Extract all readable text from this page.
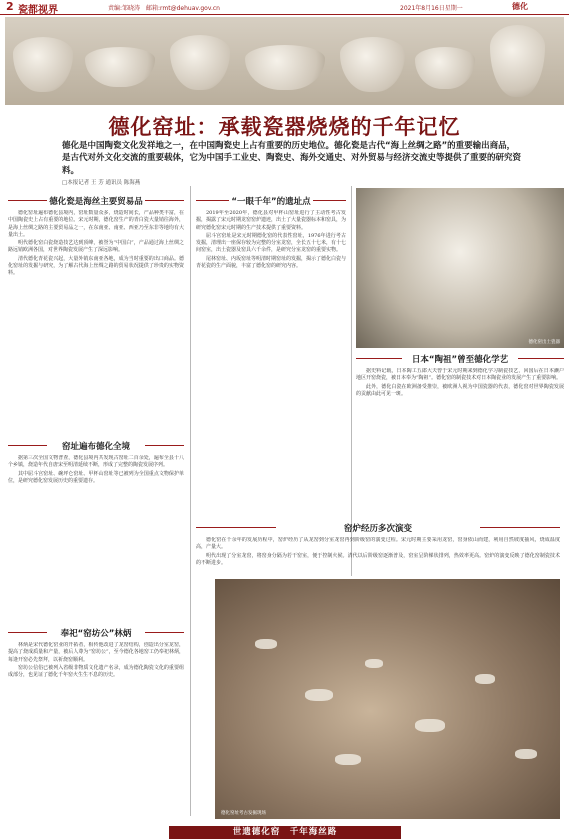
2 瓷都视界	责编:邹晓涛　邮箱:rmt@dehuav.gov.cn	2021年8月16日星期一	德化
德化窑址：承载瓷器烧烧的千年记忆
德化是中国陶瓷文化发祥地之一，在中国陶瓷史上占有重要的历史地位。德化瓷是古代“海上丝绸之路”的重要输出商品，是古代对外文化交流的重要载体，它为中国手工业史、陶瓷史、海外交通史、对外贸易与经济交流史等提供了重要的研究资料。
□本报记者 王 芳 通讯员 陈海燕
德化瓷是海丝主要贸易品

德化窑址遍布德化县境内，窑址数量众多，烧造时间长，产品种类丰富，在中国陶瓷史上占有重要的地位。宋元时期，德化窑生产的青白瓷大量销往海外，是海上丝绸之路的主要贸易品之一，在东南亚、南亚、西亚乃至东非等地均有大量出土。

明代德化窑白瓷烧造技艺达到顶峰，被誉为“中国白”，产品通过海上丝绸之路远销欧洲各国，对世界陶瓷发展产生了深远影响。

清代德化青花瓷兴起，大量外销东南亚各地，成为当时重要的出口商品。德化窑址的发掘与研究，为了解古代海上丝绸之路的贸易状况提供了珍贵的实物资料。

窑址遍布德化全境

据第三次全国文物普查，德化县境内共发现古窑址二百余处，遍布全县十八个乡镇，烧造年代自唐宋至明清延续不断，形成了完整的陶瓷发展序列。

其中屈斗宫窑址、碗坪仑窑址、甲杯山窑址等已被列为全国重点文物保护单位，是研究德化窑发展历史的重要遗存。

奉祀“窑坊公”林炳

林炳是宋代德化窑业的开拓者，相传他改进了龙窑结构，创造出分室龙窑，提高了烧成质量和产量，被后人尊为“窑坊公”，至今德化各地窑工仍奉祀林炳，每逢开窑必先祭拜，以祈烧窑顺利。

窑坊公信俗已被列入省级非物质文化遗产名录，成为德化陶瓷文化的重要组成部分，也见证了德化千年窑火生生不息的历史。

“一眼千年”的遗址点

2019年至2020年，德化县对甲杯山窑址进行了主动性考古发掘，揭露了宋元时期龙窑窑炉遗迹，出土了大量瓷器标本和窑具，为研究德化窑宋元时期的生产技术提供了重要资料。

屈斗宫窑址是宋元时期德化窑的代表性窑址，1976年进行考古发掘，清理出一座保存较为完整的分室龙窑，全长五十七米，有十七间窑室，出土瓷器及窑具六千余件，是研究分室龙窑的重要实物。

尾林窑址、内坂窑址等明清时期窑址的发掘，揭示了德化白瓷与青花瓷的生产面貌，丰富了德化窑的研究内容。

窑炉经历多次演变

德化窑在千余年的发展历程中，窑炉经历了从龙窑到分室龙窑再到阶级窑的演变过程。宋元时期主要采用龙窑，窑身依山而建，利用自然坡度抽风，烧成温度高，产量大。

明代出现了分室龙窑，将窑身分隔为若干窑室，便于控制火候。清代以后阶级窑逐渐普及，窑室呈阶梯状排列，热效率更高。窑炉的演变反映了德化窑制瓷技术的不断进步。

德化窑出土瓷器
日本“陶祖”曾至德化学艺

据史料记载，日本陶工五郎大夫曾于宋元时期来到德化学习制瓷技艺，回国后在日本濑户地区开窑烧瓷，被日本奉为“陶祖”。德化窑的制瓷技术对日本陶瓷业的发展产生了重要影响。

此外，德化白瓷在欧洲备受推崇，被欧洲人视为中国瓷器的代表，德化窑对世界陶瓷发展的贡献由此可见一斑。

德化窑址考古发掘现场
世遗德化窑　千年海丝路
